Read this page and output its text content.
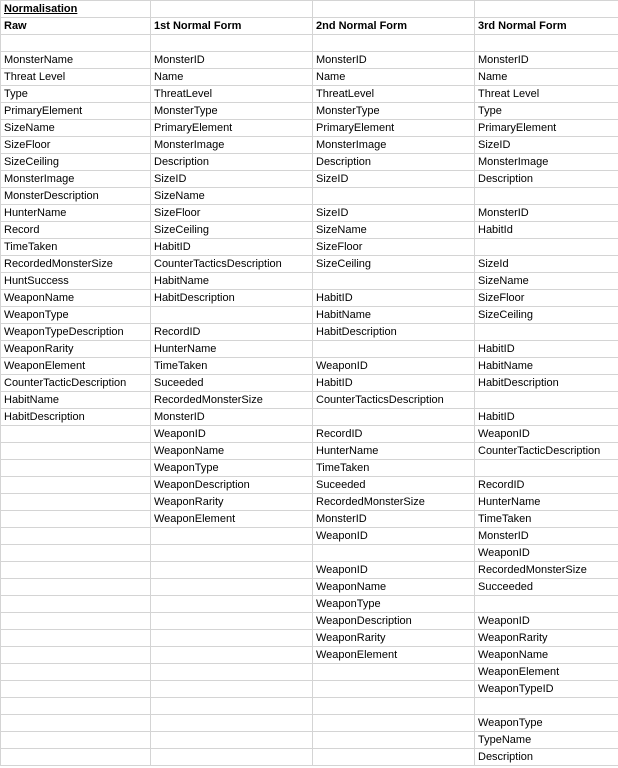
Normalisation			
Raw	1st Normal Form	2nd Normal Form	3rd Normal Form

MonsterName	MonsterID	MonsterID	MonsterID
Threat Level	Name	Name	Name
Type	ThreatLevel	ThreatLevel	Threat Level
PrimaryElement	MonsterType	MonsterType	Type
SizeName	PrimaryElement	PrimaryElement	PrimaryElement
SizeFloor	MonsterImage	MonsterImage	SizeID
SizeCeiling	Description	Description	MonsterImage
MonsterImage	SizeID	SizeID	Description
MonsterDescription	SizeName		
HunterName	SizeFloor	SizeID	MonsterID
Record	SizeCeiling	SizeName	HabitId
TimeTaken	HabitID	SizeFloor	
RecordedMonsterSize	CounterTacticsDescription	SizeCeiling	SizeId
HuntSuccess	HabitName		SizeName
WeaponName	HabitDescription	HabitID	SizeFloor
WeaponType		HabitName	SizeCeiling
WeaponTypeDescription	RecordID	HabitDescription	
WeaponRarity	HunterName		HabitID
WeaponElement	TimeTaken	WeaponID	HabitName
CounterTacticDescription	Suceeded	HabitID	HabitDescription
HabitName	RecordedMonsterSize	CounterTacticsDescription	
HabitDescription	MonsterID		HabitID
	WeaponID	RecordID	WeaponID
	WeaponName	HunterName	CounterTacticDescription
	WeaponType	TimeTaken	
	WeaponDescription	Suceeded	RecordID
	WeaponRarity	RecordedMonsterSize	HunterName
	WeaponElement	MonsterID	TimeTaken
		WeaponID	MonsterID
			WeaponID
		WeaponID	RecordedMonsterSize
		WeaponName	Succeeded
		WeaponType	
		WeaponDescription	WeaponID
		WeaponRarity	WeaponRarity
		WeaponElement	WeaponName
			WeaponElement
			WeaponTypeID

			WeaponType
			TypeName
			Description
